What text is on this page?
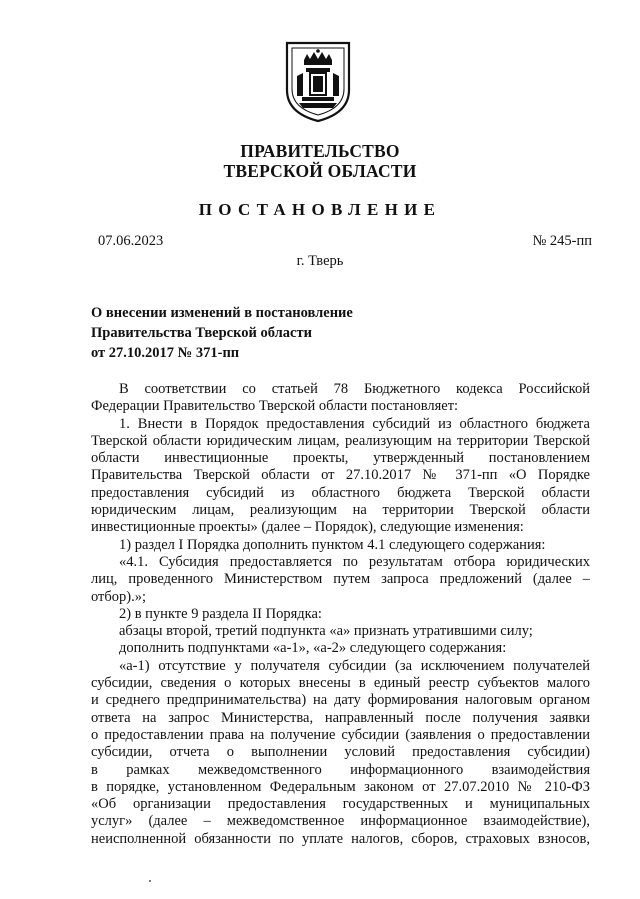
ПРАВИТЕЛЬСТВО
ТВЕРСКОЙ ОБЛАСТИ
ПОСТАНОВЛЕНИЕ
07.06.2023	№ 245-пп
г. Тверь
О внесении изменений в постановление
Правительства Тверской области
от 27.10.2017 № 371-пп
В соответствии со статьей 78 Бюджетного кодекса Российской
Федерации Правительство Тверской области постановляет:
1. Внести в Порядок предоставления субсидий из областного бюджета
Тверской области юридическим лицам, реализующим на территории Тверской
области инвестиционные проекты, утвержденный постановлением
Правительства Тверской области от 27.10.2017 № 371-пп «О Порядке
предоставления субсидий из областного бюджета Тверской области
юридическим лицам, реализующим на территории Тверской области
инвестиционные проекты» (далее – Порядок), следующие изменения:
1) раздел I Порядка дополнить пунктом 4.1 следующего содержания:
«4.1. Субсидия предоставляется по результатам отбора юридических
лиц, проведенного Министерством путем запроса предложений (далее –
отбор).»;
2) в пункте 9 раздела II Порядка:
абзацы второй, третий подпункта «а» признать утратившими силу;
дополнить подпунктами «а-1», «а-2» следующего содержания:
«а-1) отсутствие у получателя субсидии (за исключением получателей
субсидии, сведения о которых внесены в единый реестр субъектов малого
и среднего предпринимательства) на дату формирования налоговым органом
ответа на запрос Министерства, направленный после получения заявки
о предоставлении права на получение субсидии (заявления о предоставлении
субсидии, отчета о выполнении условий предоставления субсидии)
в рамках межведомственного информационного взаимодействия
в порядке, установленном Федеральным законом от 27.07.2010 № 210-ФЗ
«Об организации предоставления государственных и муниципальных
услуг» (далее – межведомственное информационное взаимодействие),
неисполненной обязанности по уплате налогов, сборов, страховых взносов,
